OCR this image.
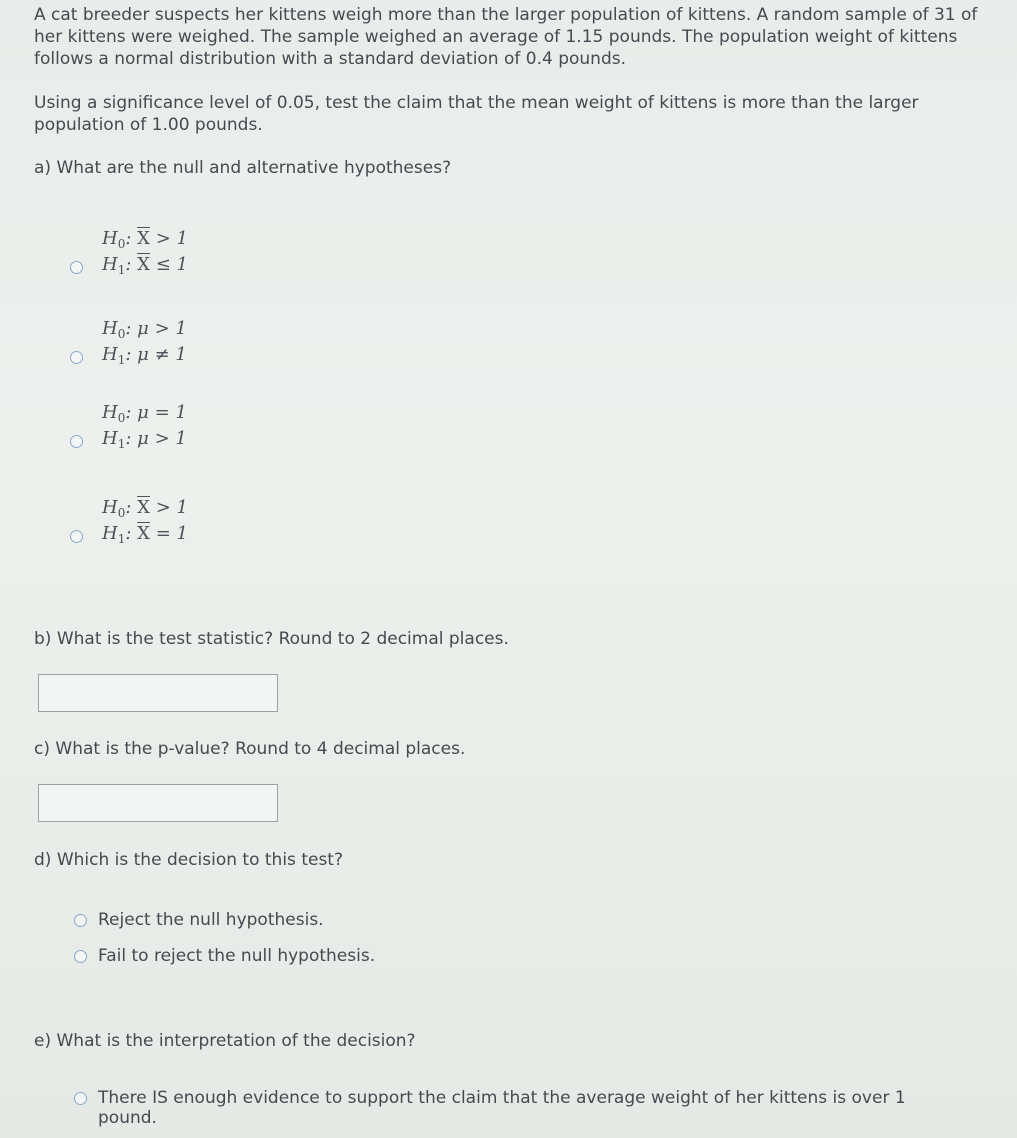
A cat breeder suspects her kittens weigh more than the larger population of kittens. A random sample of 31 of her kittens were weighed. The sample weighed an average of 1.15 pounds. The population weight of kittens follows a normal distribution with a standard deviation of 0.4 pounds.
Using a significance level of 0.05, test the claim that the mean weight of kittens is more than the larger population of 1.00 pounds.
a) What are the null and alternative hypotheses?
$H_0$: $\overline{X} > 1$
$H_1$: $\overline{X} \le 1$
$H_0$: μ > 1
$H_1$: μ ≠ 1
$H_0$: μ = 1
$H_1$: μ > 1
$H_0$: $\overline{X} > 1$
$H_1$: $\overline{X} = 1$
b) What is the test statistic? Round to 2 decimal places.
c) What is the p-value? Round to 4 decimal places.
d) Which is the decision to this test?
Reject the null hypothesis.
Fail to reject the null hypothesis.
e) What is the interpretation of the decision?
There IS enough evidence to support the claim that the average weight of her kittens is over 1 pound.
